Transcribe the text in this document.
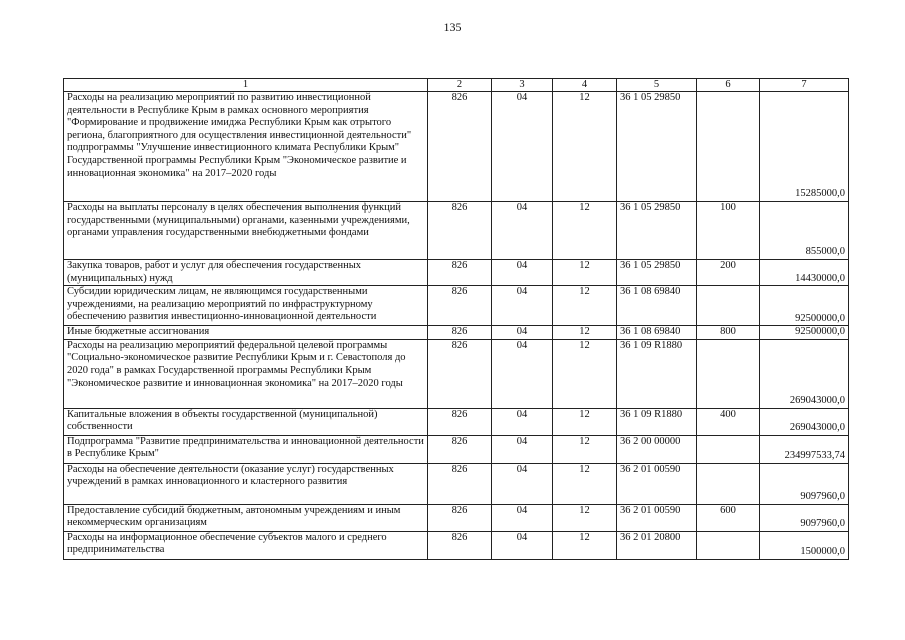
135
1	2	3	4	5	6	7
Расходы на реализацию мероприятий по развитию инвестиционной деятельности в Республике Крым в рамках основного мероприятия "Формирование и продвижение имиджа Республики Крым как отрытого региона, благоприятного для осуществления инвестиционной деятельности" подпрограммы "Улучшение инвестиционного климата Республики Крым" Государственной программы Республики Крым "Экономическое развитие и инновационная экономика" на 2017–2020 годы	826	04	12	36 1 05 29850		15285000,0
Расходы на выплаты персоналу в целях обеспечения выполнения функций государственными (муниципальными) органами, казенными учреждениями, органами управления государственными внебюджетными фондами	826	04	12	36 1 05 29850	100	855000,0
Закупка товаров, работ и услуг для обеспечения государственных (муниципальных) нужд	826	04	12	36 1 05 29850	200	14430000,0
Субсидии юридическим лицам, не являющимся государственными учреждениями, на реализацию мероприятий по инфраструктурному обеспечению развития инвестиционно-инновационной деятельности	826	04	12	36 1 08 69840		92500000,0
Иные бюджетные ассигнования	826	04	12	36 1 08 69840	800	92500000,0
Расходы на реализацию мероприятий федеральной целевой программы "Социально-экономическое развитие Республики Крым и г. Севастополя до 2020 года" в рамках Государственной программы Республики Крым "Экономическое развитие и инновационная экономика" на 2017–2020 годы	826	04	12	36 1 09 R1880		269043000,0
Капитальные вложения в объекты государственной (муниципальной) собственности	826	04	12	36 1 09 R1880	400	269043000,0
Подпрограмма "Развитие предпринимательства и инновационной деятельности в Республике Крым"	826	04	12	36 2 00 00000		234997533,74
Расходы на обеспечение деятельности (оказание услуг) государственных учреждений в рамках инновационного и кластерного развития	826	04	12	36 2 01 00590		9097960,0
Предоставление субсидий бюджетным, автономным учреждениям и иным некоммерческим организациям	826	04	12	36 2 01 00590	600	9097960,0
Расходы на информационное обеспечение субъектов малого и среднего предпринимательства	826	04	12	36 2 01 20800		1500000,0
